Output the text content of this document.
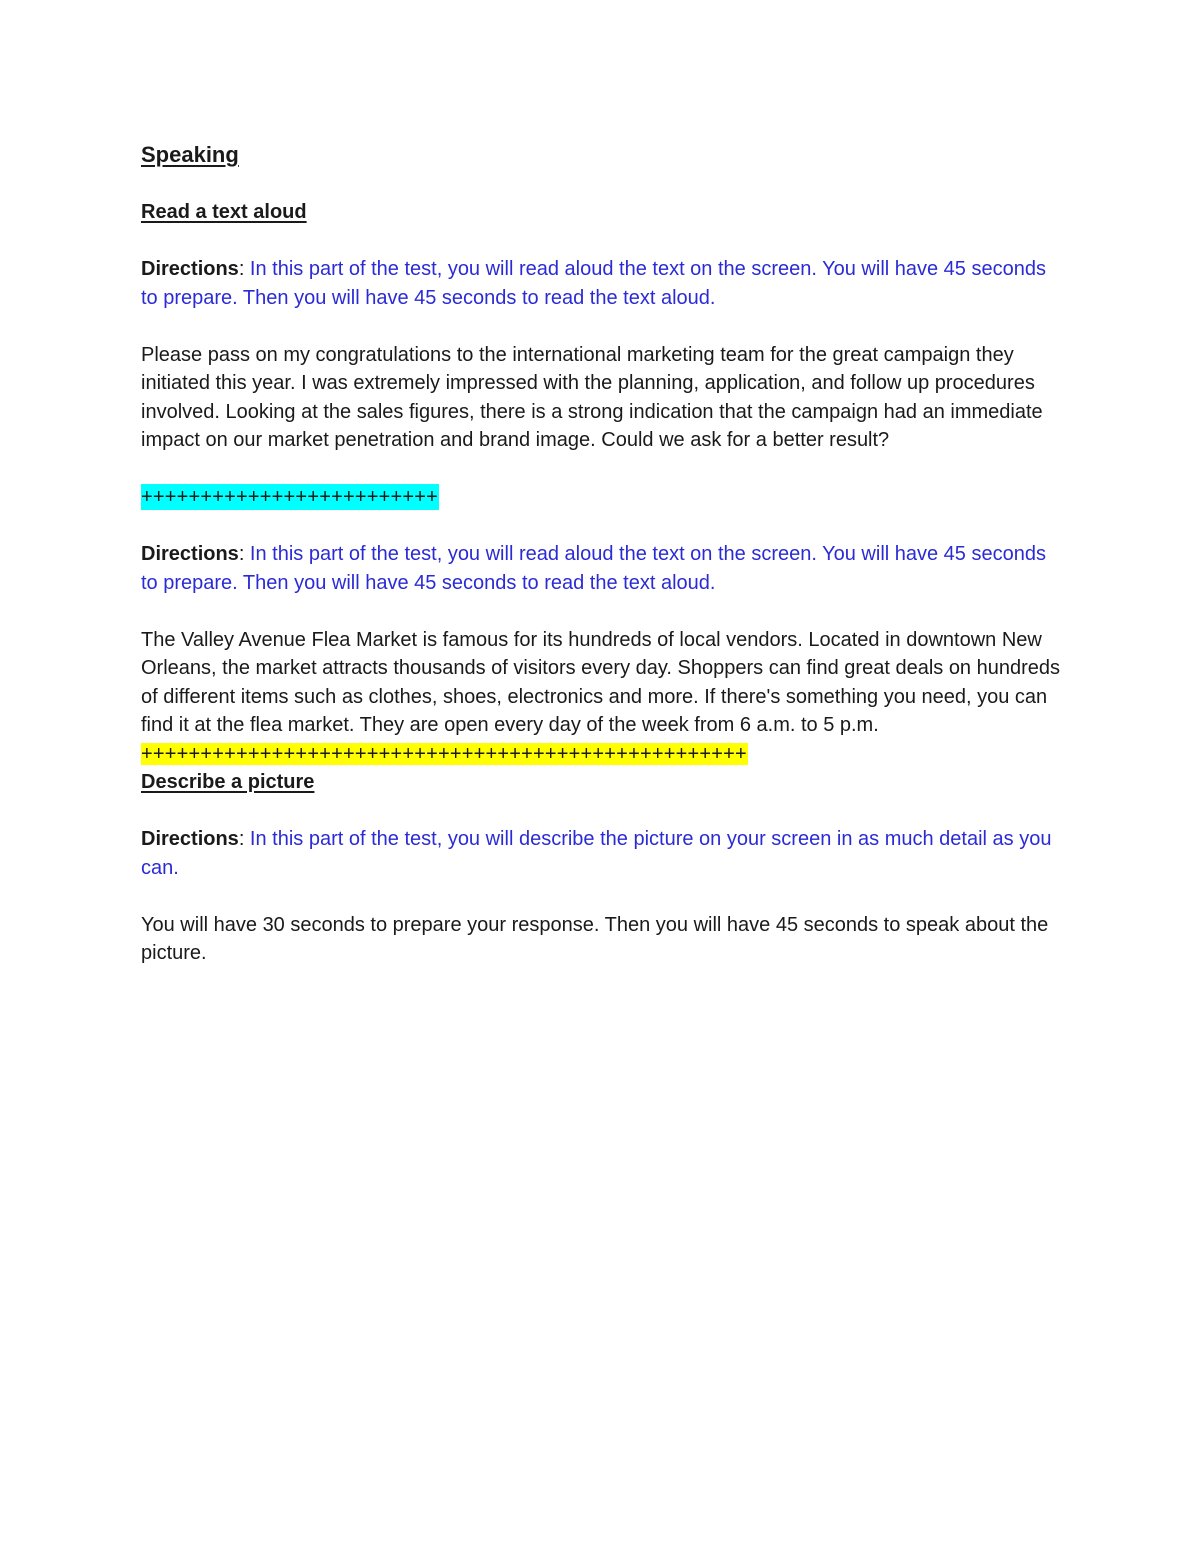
Speaking
Read a text aloud

Directions: In this part of the test, you will read aloud the text on the screen. You will have 45 seconds to prepare. Then you will have 45 seconds to read the text aloud.

Please pass on my congratulations to the international marketing team for the great campaign they initiated this year. I was extremely impressed with the planning, application, and follow up procedures involved. Looking at the sales figures, there is a strong indication that the campaign had an immediate impact on our market penetration and brand image. Could we ask for a better result?

+++++++++++++++++++++++++

Directions: In this part of the test, you will read aloud the text on the screen. You will have 45 seconds to prepare. Then you will have 45 seconds to read the text aloud.

The Valley Avenue Flea Market is famous for its hundreds of local vendors. Located in downtown New Orleans, the market attracts thousands of visitors every day. Shoppers can find great deals on hundreds of different items such as clothes, shoes, electronics and more. If there's something you need, you can find it at the flea market. They are open every day of the week from 6 a.m. to 5 p.m.

+++++++++++++++++++++++++++++++++++++++++++++++++++

Describe a picture

Directions: In this part of the test, you will describe the picture on your screen in as much detail as you can.

You will have 30 seconds to prepare your response. Then you will have 45 seconds to speak about the picture.
